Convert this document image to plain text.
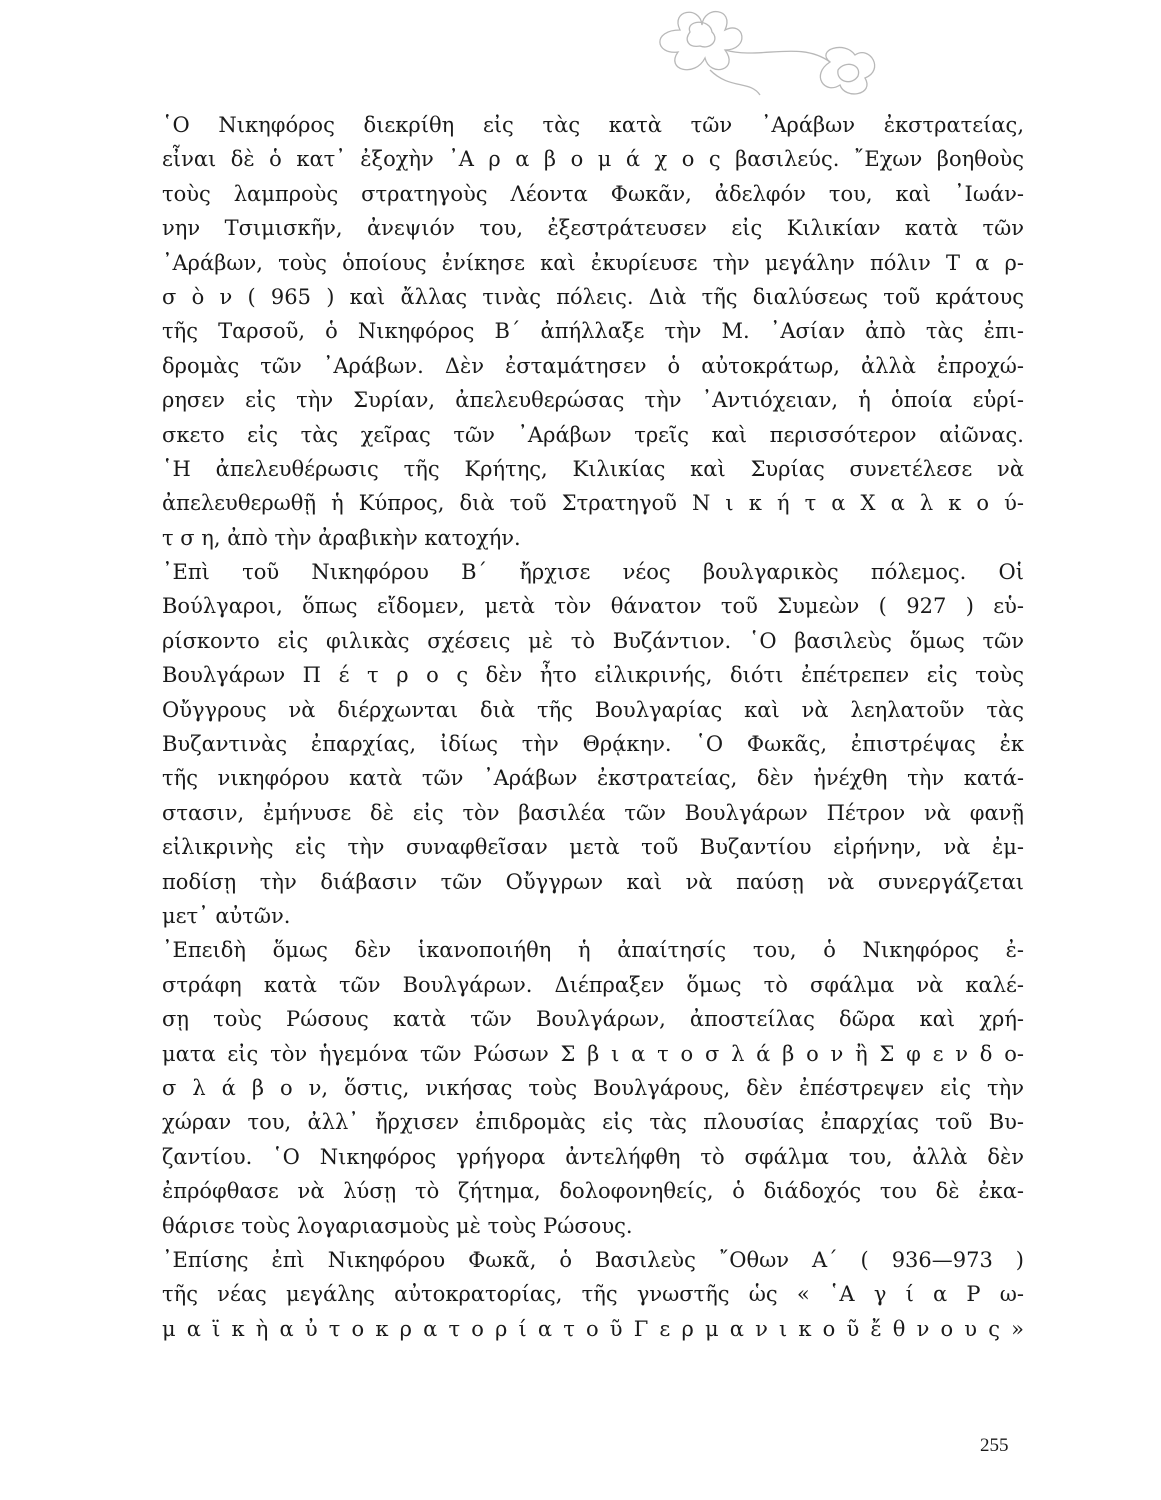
῾Ο Νικηφόρος διεκρίθη εἰς τὰς κατὰ τῶν ᾿Αράβων ἐκστρατείας,
εἶναι δὲ ὁ κατ᾽ ἐξοχὴν ᾿Α ρ α β ο μ ά χ ο ς βασιλεύς. ῎Εχων βοηθοὺς
τοὺς λαμπροὺς στρατηγοὺς Λέοντα Φωκᾶν, ἀδελφόν του, καὶ ᾿Ιωάν-
νην Τσιμισκῆν, ἀνεψιόν του, ἐξεστράτευσεν εἰς Κιλικίαν κατὰ τῶν
᾿Αράβων, τοὺς ὁποίους ἐνίκησε καὶ ἐκυρίευσε τὴν μεγάλην πόλιν Τ α ρ-
σ ὸ ν ( 965 ) καὶ ἄλλας τινὰς πόλεις. Διὰ τῆς διαλύσεως τοῦ κράτους
τῆς Ταρσοῦ, ὁ Νικηφόρος Β΄ ἀπήλλαξε τὴν Μ. ᾿Ασίαν ἀπὸ τὰς ἐπι-
δρομὰς τῶν ᾿Αράβων. Δὲν ἐσταμάτησεν ὁ αὐτοκράτωρ, ἀλλὰ ἐπροχώ-
ρησεν εἰς τὴν Συρίαν, ἀπελευθερώσας τὴν ᾿Αντιόχειαν, ἡ ὁποία εὑρί-
σκετο εἰς τὰς χεῖρας τῶν ᾿Αράβων τρεῖς καὶ περισσότερον αἰῶνας.
῾Η ἀπελευθέρωσις τῆς Κρήτης, Κιλικίας καὶ Συρίας συνετέλεσε νὰ
ἀπελευθερωθῇ ἡ Κύπρος, διὰ τοῦ Στρατηγοῦ Ν ι κ ή τ α Χ α λ κ ο ύ-
τ σ η, ἀπὸ τὴν ἀραβικὴν κατοχήν.
᾿Επὶ τοῦ Νικηφόρου Β΄ ἤρχισε νέος βουλγαρικὸς πόλεμος. Οἱ
Βούλγαροι, ὅπως εἴδομεν, μετὰ τὸν θάνατον τοῦ Συμεὼν ( 927 ) εὑ-
ρίσκοντο εἰς φιλικὰς σχέσεις μὲ τὸ Βυζάντιον. ῾Ο βασιλεὺς ὅμως τῶν
Βουλγάρων Π έ τ ρ ο ς δὲν ἦτο εἰλικρινής, διότι ἐπέτρεπεν εἰς τοὺς
Οὔγγρους νὰ διέρχωνται διὰ τῆς Βουλγαρίας καὶ νὰ λεηλατοῦν τὰς
Βυζαντινὰς ἐπαρχίας, ἰδίως τὴν Θρᾴκην. ῾Ο Φωκᾶς, ἐπιστρέψας ἐκ
τῆς νικηφόρου κατὰ τῶν ᾿Αράβων ἐκστρατείας, δὲν ἠνέχθη τὴν κατά-
στασιν, ἐμήνυσε δὲ εἰς τὸν βασιλέα τῶν Βουλγάρων Πέτρον νὰ φανῇ
εἰλικρινὴς εἰς τὴν συναφθεῖσαν μετὰ τοῦ Βυζαντίου εἰρήνην, νὰ ἐμ-
ποδίσῃ τὴν διάβασιν τῶν Οὔγγρων καὶ νὰ παύσῃ νὰ συνεργάζεται
μετ᾽ αὐτῶν.
᾿Επειδὴ ὅμως δὲν ἱκανοποιήθη ἡ ἀπαίτησίς του, ὁ Νικηφόρος ἐ-
στράφη κατὰ τῶν Βουλγάρων. Διέπραξεν ὅμως τὸ σφάλμα νὰ καλέ-
σῃ τοὺς Ρώσους κατὰ τῶν Βουλγάρων, ἀποστείλας δῶρα καὶ χρή-
ματα εἰς τὸν ἡγεμόνα τῶν Ρώσων Σ β ι α τ ο σ λ ά β ο ν ἢ Σ φ ε ν δ ο-
σ λ ά β ο ν, ὅστις, νικήσας τοὺς Βουλγάρους, δὲν ἐπέστρεψεν εἰς τὴν
χώραν του, ἀλλ᾽ ἤρχισεν ἐπιδρομὰς εἰς τὰς πλουσίας ἐπαρχίας τοῦ Βυ-
ζαντίου. ῾Ο Νικηφόρος γρήγορα ἀντελήφθη τὸ σφάλμα του, ἀλλὰ δὲν
ἐπρόφθασε νὰ λύσῃ τὸ ζήτημα, δολοφονηθείς, ὁ διάδοχός του δὲ ἐκα-
θάρισε τοὺς λογαριασμοὺς μὲ τοὺς Ρώσους.
᾿Επίσης ἐπὶ Νικηφόρου Φωκᾶ, ὁ Βασιλεὺς ῎Οθων Α΄ ( 936—973 )
τῆς νέας μεγάλης αὐτοκρατορίας, τῆς γνωστῆς ὡς « ῾Α γ ί α Ρ ω-
μ α ϊ κ ὴ α ὐ τ ο κ ρ α τ ο ρ ί α τ ο ῦ Γ ε ρ μ α ν ι κ ο ῦ ἔ θ ν ο υ ς »
255
